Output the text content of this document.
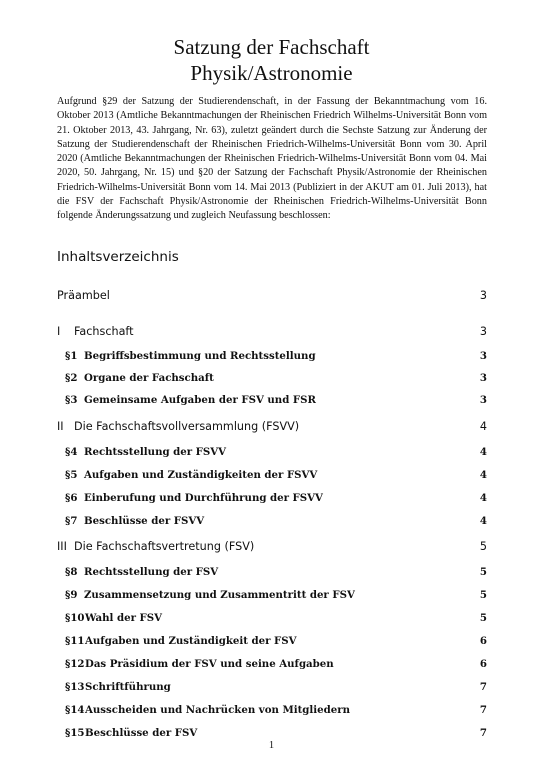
Satzung der Fachschaft
Physik/Astronomie

Aufgrund §29 der Satzung der Studierendenschaft, in der Fassung der Bekanntmachung vom 16. Oktober 2013 (Amtliche Bekanntmachungen der Rheinischen Friedrich Wilhelms-Universität Bonn vom 21. Oktober 2013, 43. Jahrgang, Nr. 63), zuletzt geändert durch die Sechste Satzung zur Änderung der Satzung der Studierendenschaft der Rheinischen Friedrich-Wilhelms-Universität Bonn vom 30. April 2020 (Amtliche Bekanntmachungen der Rheinischen Friedrich-Wilhelms-Universität Bonn vom 04. Mai 2020, 50. Jahrgang, Nr. 15) und §20 der Satzung der Fachschaft Physik/Astronomie der Rheinischen Friedrich-Wilhelms-Universität Bonn vom 14. Mai 2013 (Publiziert in der AKUT am 01. Juli 2013), hat die FSV der Fachschaft Physik/Astronomie der Rheinischen Friedrich-Wilhelms-Universität Bonn folgende Änderungssatzung und zugleich Neufassung beschlossen:

Inhaltsverzeichnis
Präambel	3
I	Fachschaft	3
§1 Begriffsbestimmung und Rechtsstellung	3
§2 Organe der Fachschaft	3
§3 Gemeinsame Aufgaben der FSV und FSR	3
II Die Fachschaftsvollversammlung (FSVV)	4
§4 Rechtsstellung der FSVV	4
§5 Aufgaben und Zuständigkeiten der FSVV	4
§6 Einberufung und Durchführung der FSVV	4
§7 Beschlüsse der FSVV	4
III Die Fachschaftsvertretung (FSV)	5
§8 Rechtsstellung der FSV	5
§9 Zusammensetzung und Zusammentritt der FSV	5
§10 Wahl der FSV	5
§11 Aufgaben und Zuständigkeit der FSV	6
§12 Das Präsidium der FSV und seine Aufgaben	6
§13 Schriftführung	7
§14 Ausscheiden und Nachrücken von Mitgliedern	7
§15 Beschlüsse der FSV	7
1
